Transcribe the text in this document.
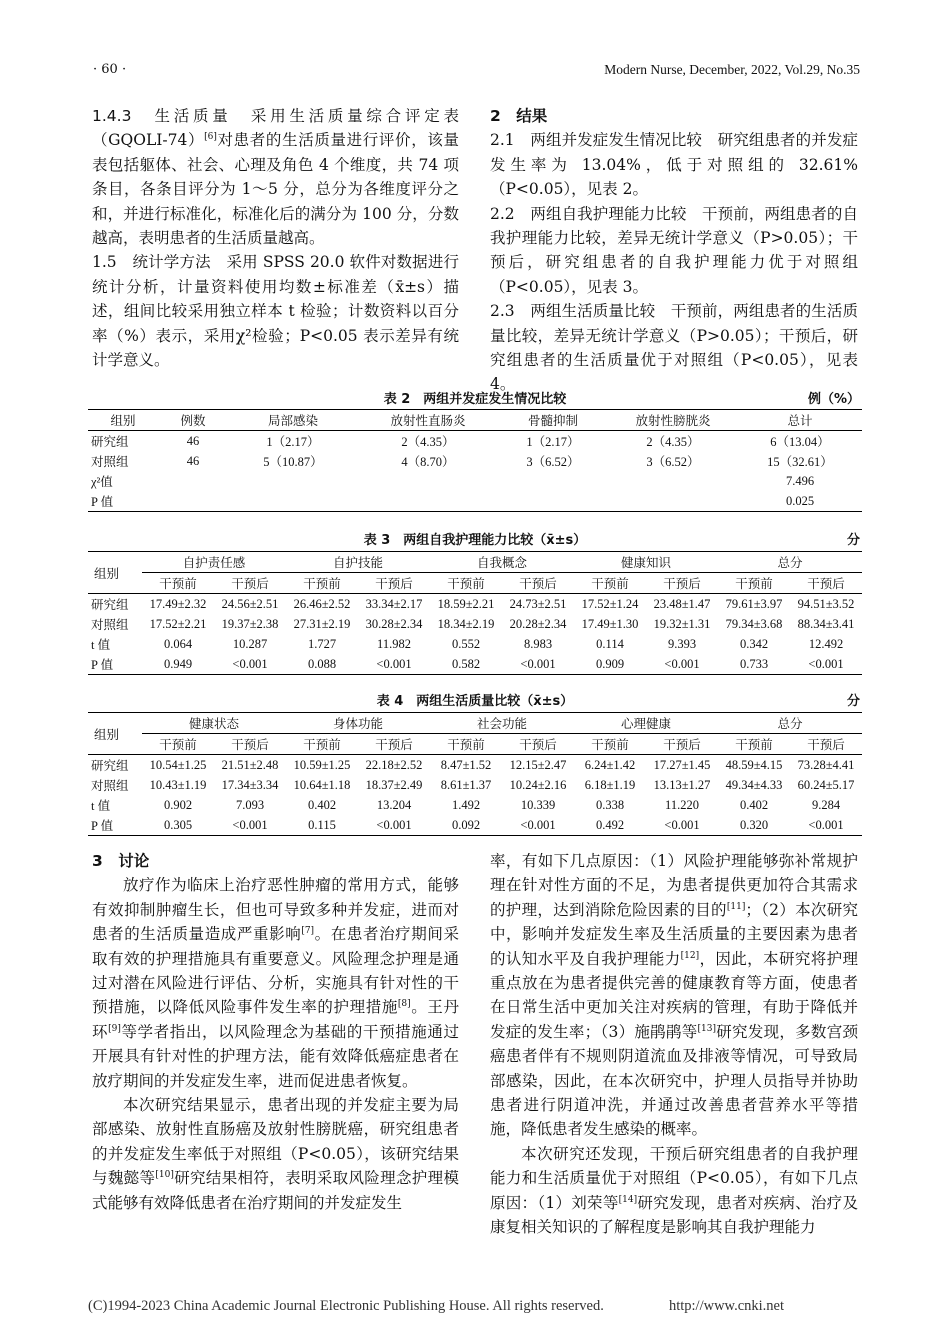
· 60 ·	Modern Nurse, December, 2022, Vol.29, No.35

1.4.3　生活质量　采用生活质量综合评定表（GQOLI-74）[6]对患者的生活质量进行评价，该量表包括躯体、社会、心理及角色 4 个维度，共 74 项条目，各条目评分为 1～5 分，总分为各维度评分之和，并进行标准化，标准化后的满分为 100 分，分数越高，表明患者的生活质量越高。

1.5　统计学方法　采用 SPSS 20.0 软件对数据进行统计分析，计量资料使用均数±标准差（x̄±s）描述，组间比较采用独立样本 t 检验；计数资料以百分率（%）表示，采用χ²检验；P<0.05 表示差异有统计学意义。

2　结果

2.1　两组并发症发生情况比较　研究组患者的并发症发生率为 13.04%，低于对照组的 32.61%（P<0.05），见表 2。

2.2　两组自我护理能力比较　干预前，两组患者的自我护理能力比较，差异无统计学意义（P>0.05）；干预后，研究组患者的自我护理能力优于对照组（P<0.05），见表 3。

2.3　两组生活质量比较　干预前，两组患者的生活质量比较，差异无统计学意义（P>0.05）；干预后，研究组患者的生活质量优于对照组（P<0.05），见表 4。

表 2　两组并发症发生情况比较	例（%）
组别	例数	局部感染	放射性直肠炎	骨髓抑制	放射性膀胱炎	总计
研究组	46	1（2.17）	2（4.35）	1（2.17）	2（4.35）	6（13.04）
对照组	46	5（10.87）	4（8.70）	3（6.52）	3（6.52）	15（32.61）
χ²值						7.496
P 值						0.025
表 3　两组自我护理能力比较（x̄±s）	分
组别	自护责任感		自护技能		自我概念		健康知识		总分	
	干预前	干预后	干预前	干预后	干预前	干预后	干预前	干预后	干预前	干预后
研究组	17.49±2.32	24.56±2.51	26.46±2.52	33.34±2.17	18.59±2.21	24.73±2.51	17.52±1.24	23.48±1.47	79.61±3.97	94.51±3.52
对照组	17.52±2.21	19.37±2.38	27.31±2.19	30.28±2.34	18.34±2.19	20.28±2.34	17.49±1.30	19.32±1.31	79.34±3.68	88.34±3.41
t 值	0.064	10.287	1.727	11.982	0.552	8.983	0.114	9.393	0.342	12.492
P 值	0.949	<0.001	0.088	<0.001	0.582	<0.001	0.909	<0.001	0.733	<0.001
表 4　两组生活质量比较（x̄±s）	分
组别	健康状态		身体功能		社会功能		心理健康		总分	
	干预前	干预后	干预前	干预后	干预前	干预后	干预前	干预后	干预前	干预后
研究组	10.54±1.25	21.51±2.48	10.59±1.25	22.18±2.52	8.47±1.52	12.15±2.47	6.24±1.42	17.27±1.45	48.59±4.15	73.28±4.41
对照组	10.43±1.19	17.34±3.34	10.64±1.18	18.37±2.49	8.61±1.37	10.24±2.16	6.18±1.19	13.13±1.27	49.34±4.33	60.24±5.17
t 值	0.902	7.093	0.402	13.204	1.492	10.339	0.338	11.220	0.402	9.284
P 值	0.305	<0.001	0.115	<0.001	0.092	<0.001	0.492	<0.001	0.320	<0.001

3　讨论

放疗作为临床上治疗恶性肿瘤的常用方式，能够有效抑制肿瘤生长，但也可导致多种并发症，进而对患者的生活质量造成严重影响[7]。在患者治疗期间采取有效的护理措施具有重要意义。风险理念护理是通过对潜在风险进行评估、分析，实施具有针对性的干预措施，以降低风险事件发生率的护理措施[8]。王丹环[9]等学者指出，以风险理念为基础的干预措施通过开展具有针对性的护理方法，能有效降低癌症患者在放疗期间的并发症发生率，进而促进患者恢复。

本次研究结果显示，患者出现的并发症主要为局部感染、放射性直肠癌及放射性膀胱癌，研究组患者的并发症发生率低于对照组（P<0.05），该研究结果与魏懿等[10]研究结果相符，表明采取风险理念护理模式能够有效降低患者在治疗期间的并发症发生

率，有如下几点原因：（1）风险护理能够弥补常规护理在针对性方面的不足，为患者提供更加符合其需求的护理，达到消除危险因素的目的[11]；（2）本次研究中，影响并发症发生率及生活质量的主要因素为患者的认知水平及自我护理能力[12]，因此，本研究将护理重点放在为患者提供完善的健康教育等方面，使患者在日常生活中更加关注对疾病的管理，有助于降低并发症的发生率；（3）施鹃鹃等[13]研究发现，多数宫颈癌患者伴有不规则阴道流血及排液等情况，可导致局部感染，因此，在本次研究中，护理人员指导并协助患者进行阴道冲洗，并通过改善患者营养水平等措施，降低患者发生感染的概率。

本次研究还发现，干预后研究组患者的自我护理能力和生活质量优于对照组（P<0.05），有如下几点原因：（1）刘荣等[14]研究发现，患者对疾病、治疗及康复相关知识的了解程度是影响其自我护理能力

(C)1994-2023 China Academic Journal Electronic Publishing House. All rights reserved.	http://www.cnki.net
